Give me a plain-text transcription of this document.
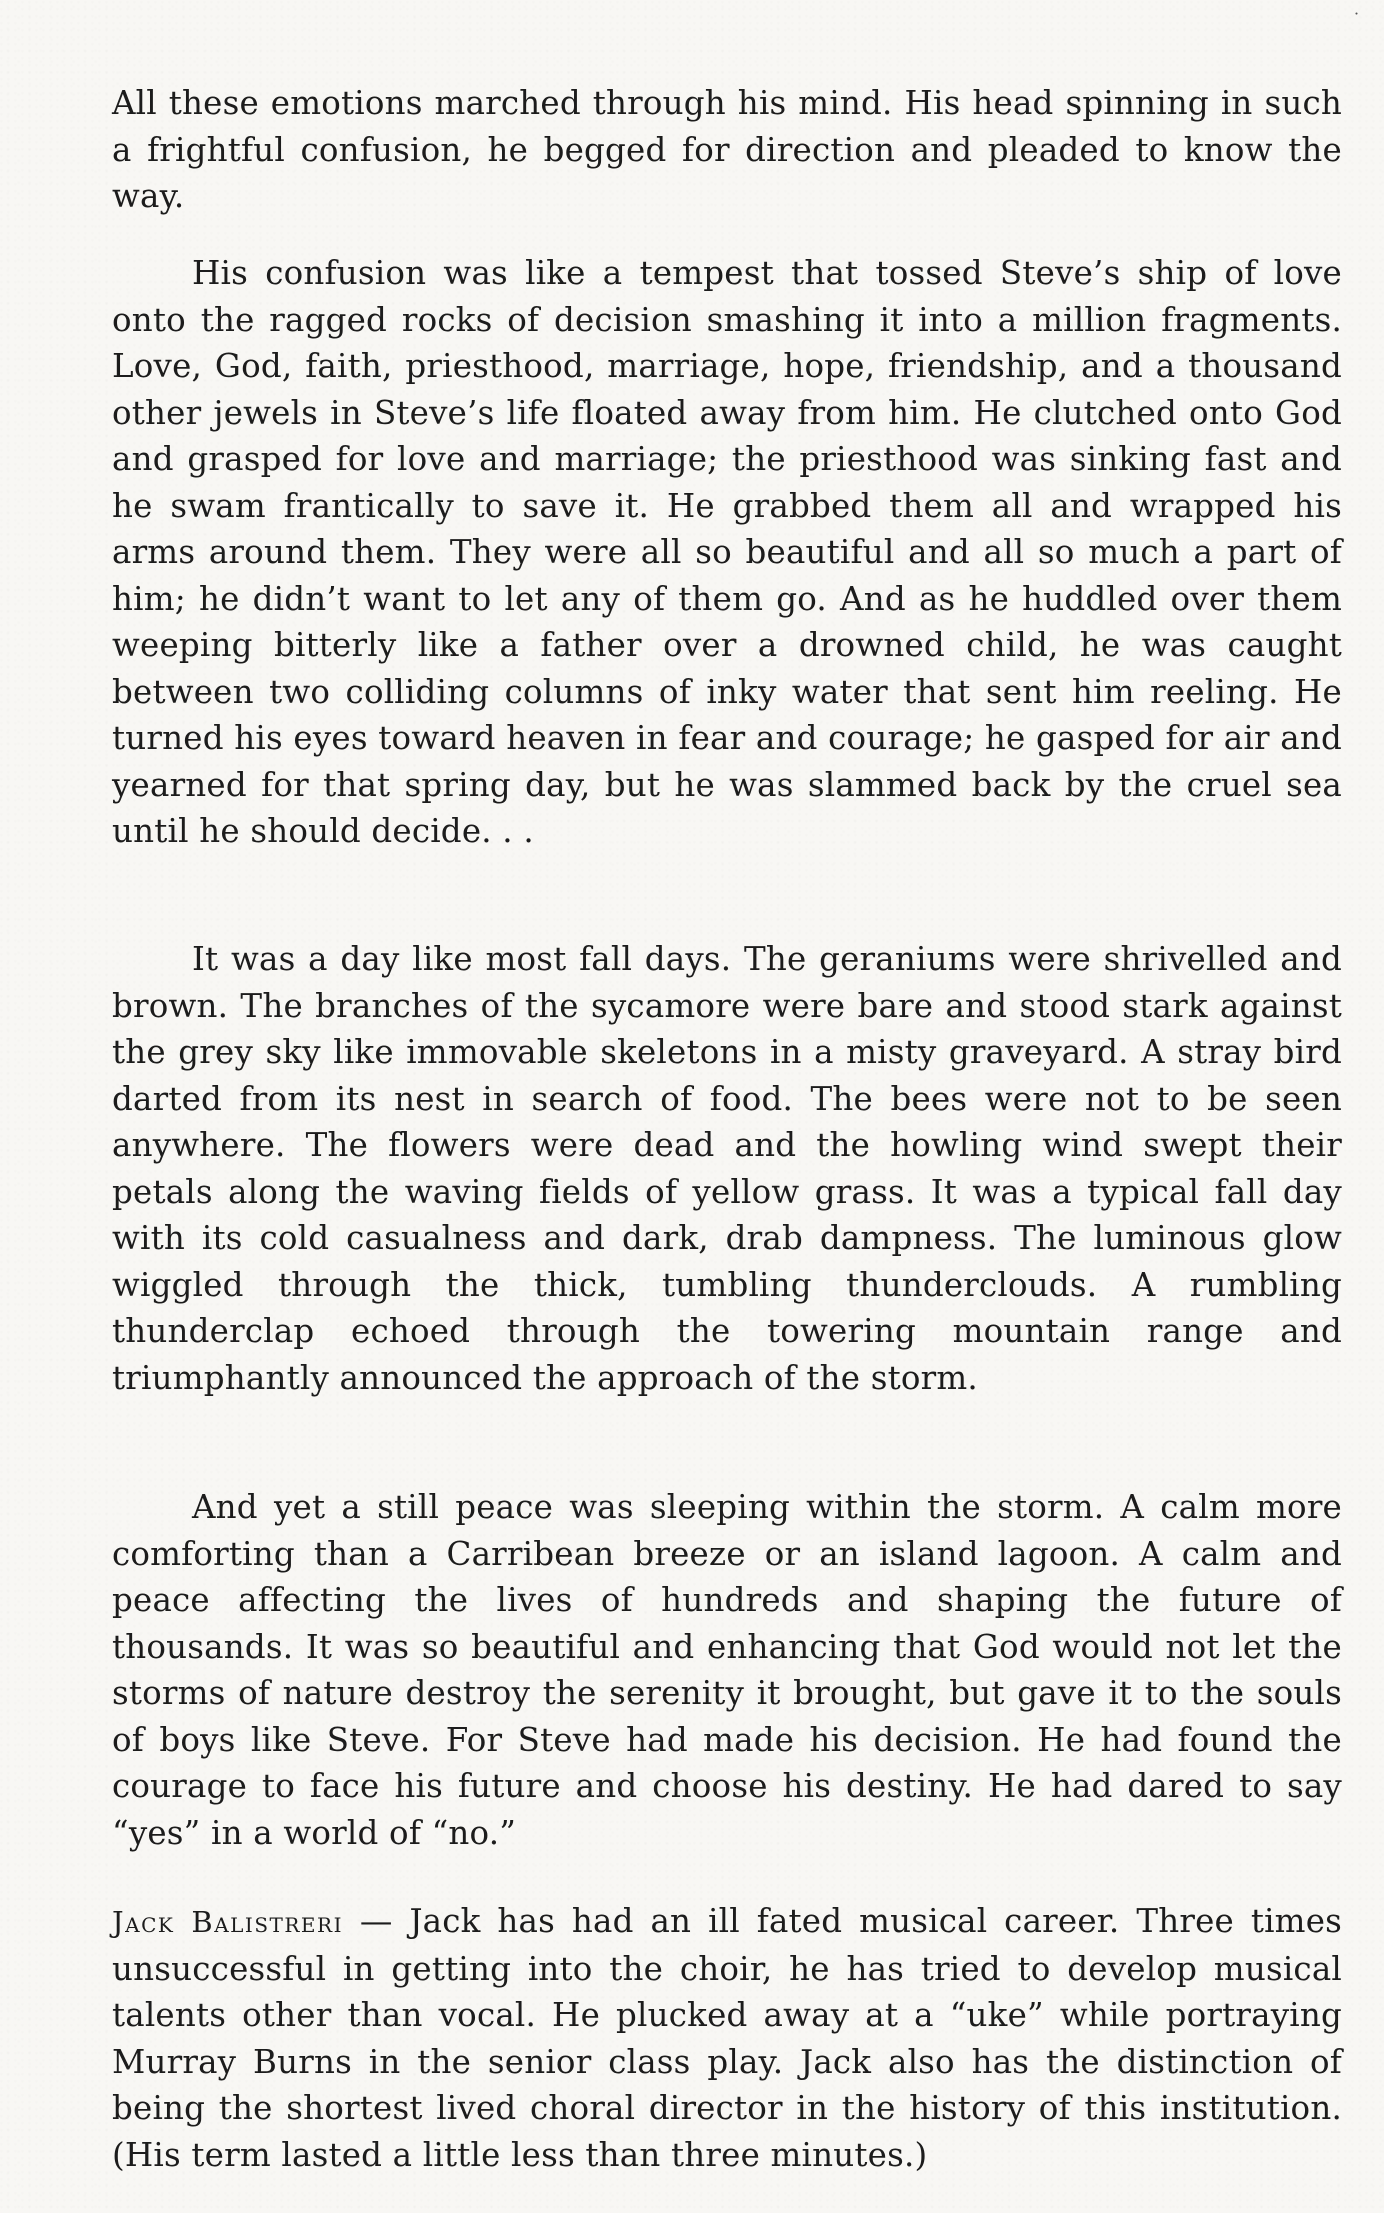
All these emotions marched through his mind. His head spinning in such a frightful confusion, he begged for direction and pleaded to know the way.

His confusion was like a tempest that tossed Steve’s ship of love onto the ragged rocks of decision smashing it into a million fragments. Love, God, faith, priesthood, marriage, hope, friendship, and a thousand other jewels in Steve’s life floated away from him. He clutched onto God and grasped for love and marriage; the priesthood was sinking fast and he swam frantically to save it. He grabbed them all and wrapped his arms around them. They were all so beautiful and all so much a part of him; he didn’t want to let any of them go. And as he huddled over them weeping bitterly like a father over a drowned child, he was caught between two colliding columns of inky water that sent him reeling. He turned his eyes toward heaven in fear and courage; he gasped for air and yearned for that spring day, but he was slammed back by the cruel sea until he should decide. . .

It was a day like most fall days. The geraniums were shrivelled and brown. The branches of the sycamore were bare and stood stark against the grey sky like immovable skeletons in a misty graveyard. A stray bird darted from its nest in search of food. The bees were not to be seen anywhere. The flowers were dead and the howling wind swept their petals along the waving fields of yellow grass. It was a typical fall day with its cold casualness and dark, drab dampness. The luminous glow wiggled through the thick, tumbling thunderclouds. A rumbling thunderclap echoed through the towering mountain range and triumphantly announced the approach of the storm.

And yet a still peace was sleeping within the storm. A calm more comforting than a Carribean breeze or an island lagoon. A calm and peace affecting the lives of hundreds and shaping the future of thousands. It was so beautiful and enhancing that God would not let the storms of nature destroy the serenity it brought, but gave it to the souls of boys like Steve. For Steve had made his decision. He had found the courage to face his future and choose his destiny. He had dared to say “yes” in a world of “no.”

Jack Balistreri — Jack has had an ill fated musical career. Three times unsuccessful in getting into the choir, he has tried to develop musical talents other than vocal. He plucked away at a “uke” while portraying Murray Burns in the senior class play. Jack also has the distinction of being the shortest lived choral director in the history of this institution. (His term lasted a little less than three minutes.)

˙
